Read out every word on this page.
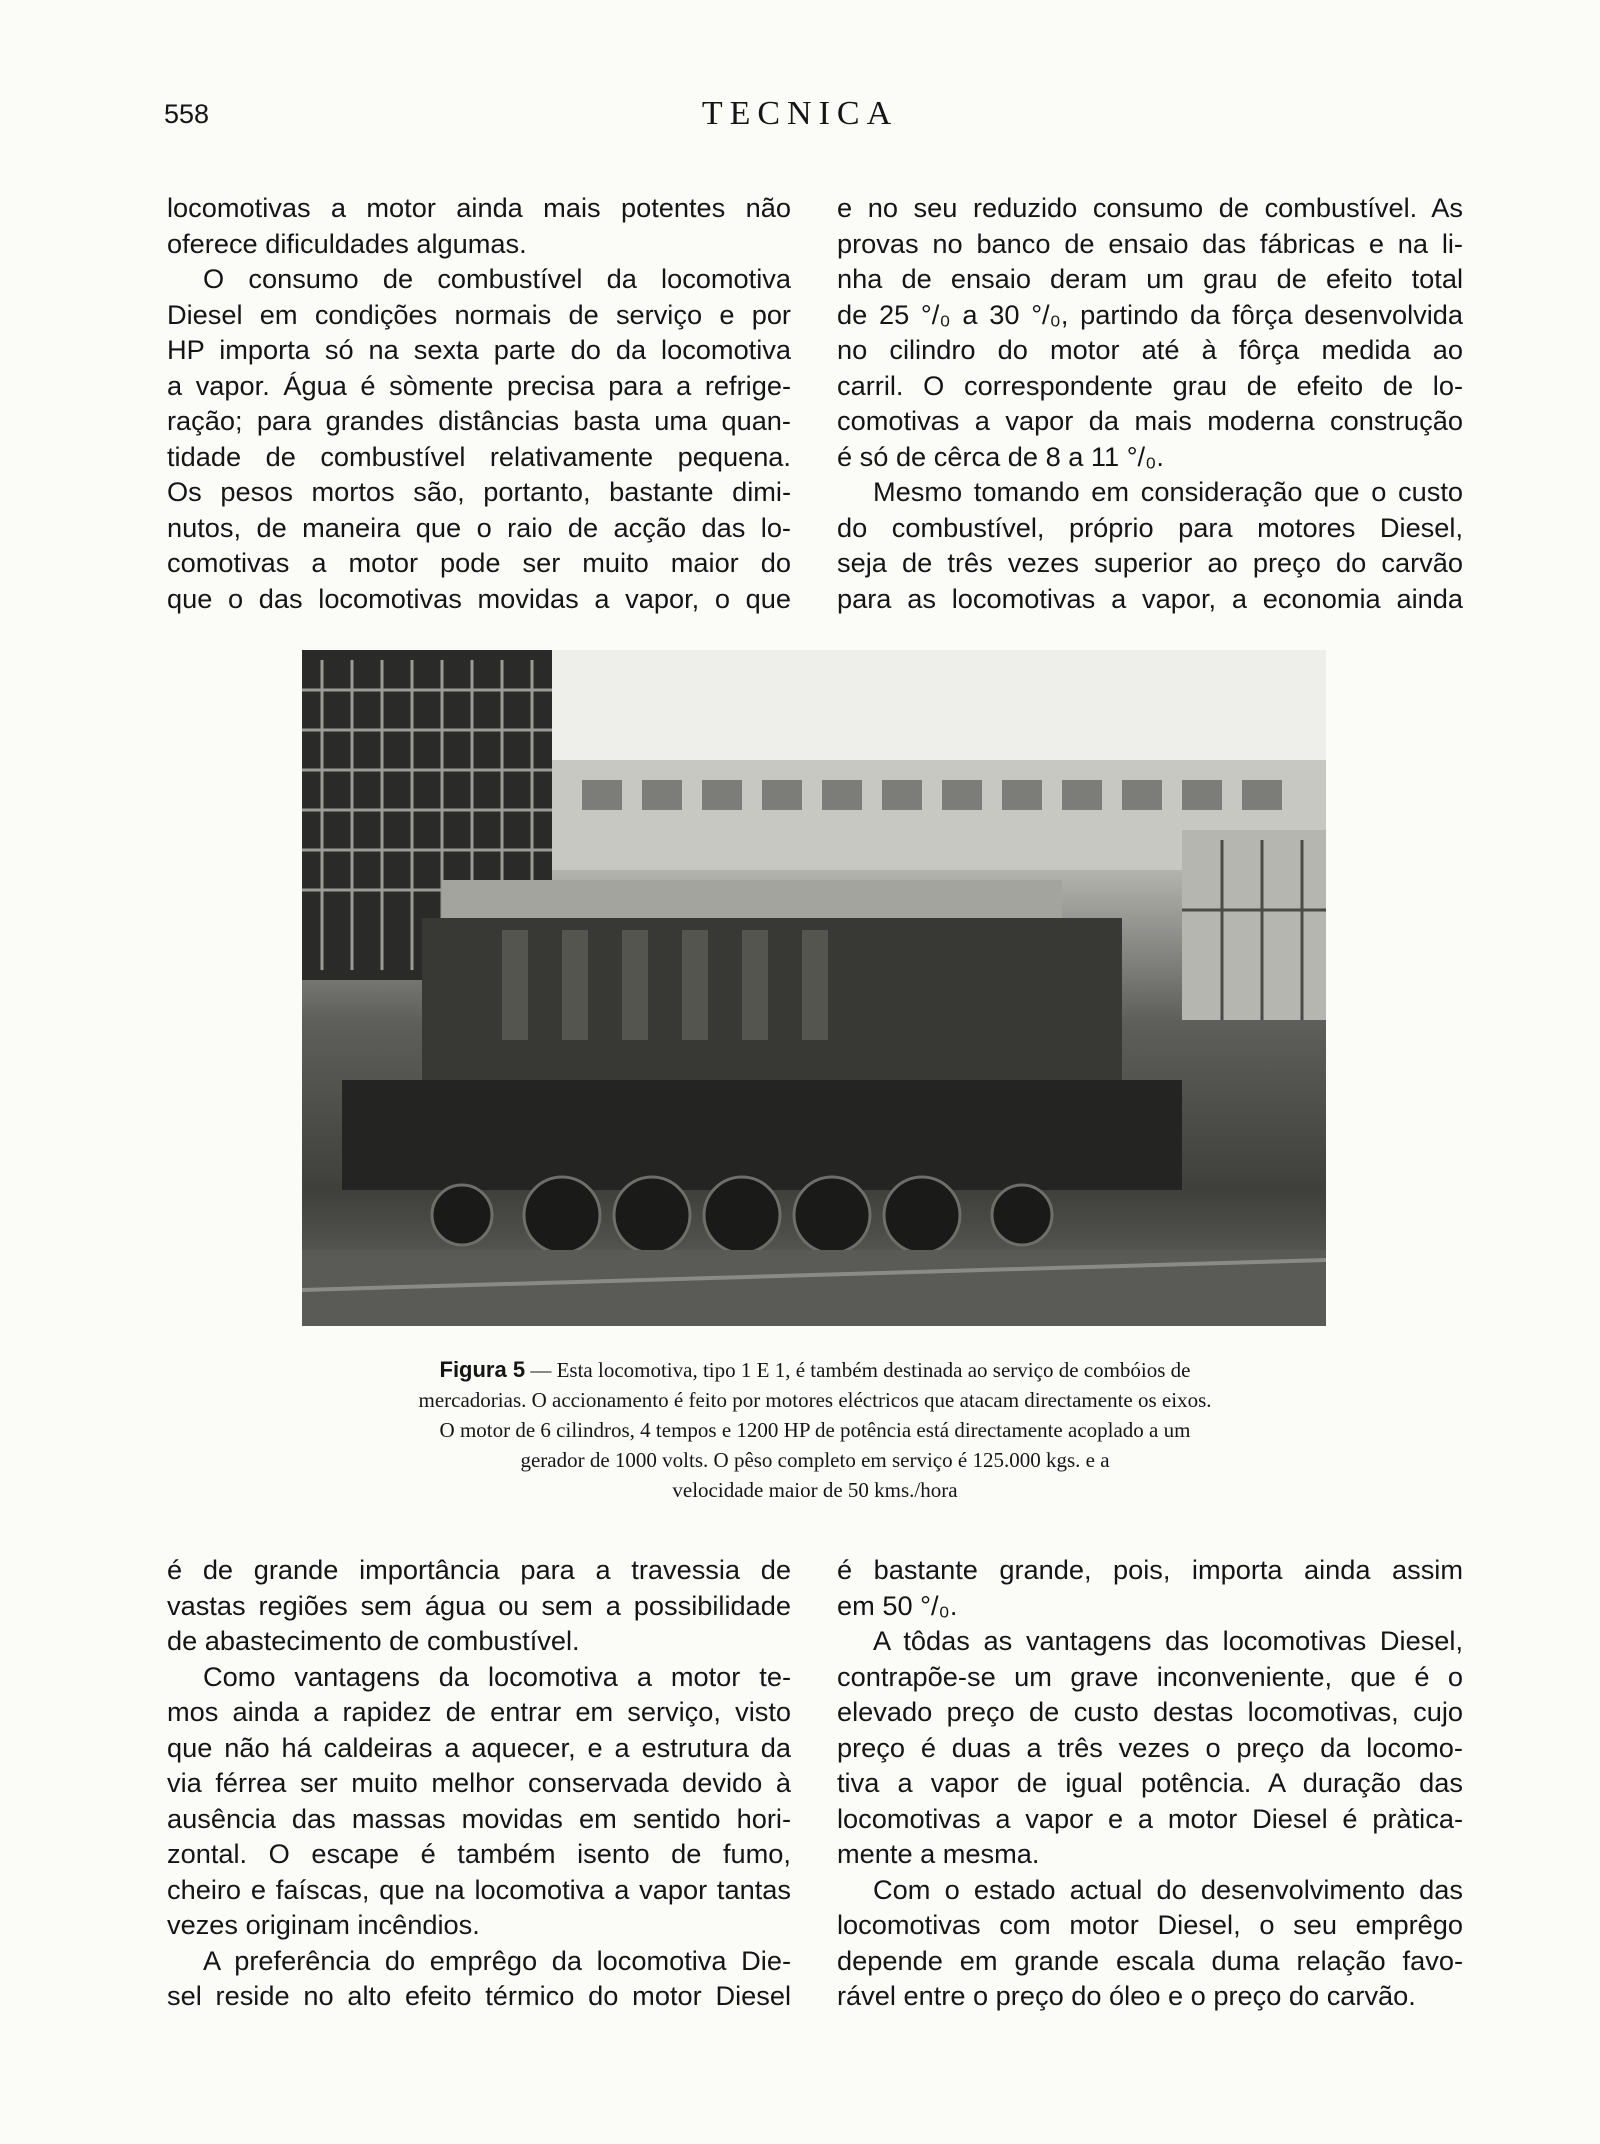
558	TECNICA

locomotivas a motor ainda mais potentes não

oferece dificuldades algumas.

O consumo de combustível da locomotiva

Diesel em condições normais de serviço e por

HP importa só na sexta parte do da locomotiva

a vapor. Água é sòmente precisa para a refrige-

ração; para grandes distâncias basta uma quan-

tidade de combustível relativamente pequena.

Os pesos mortos são, portanto, bastante dimi-

nutos, de maneira que o raio de acção das lo-

comotivas a motor pode ser muito maior do

que o das locomotivas movidas a vapor, o que

e no seu reduzido consumo de combustível. As

provas no banco de ensaio das fábricas e na li-

nha de ensaio deram um grau de efeito total

de 25 °/₀ a 30 °/₀, partindo da fôrça desenvolvida

no cilindro do motor até à fôrça medida ao

carril. O correspondente grau de efeito de lo-

comotivas a vapor da mais moderna construção

é só de cêrca de 8 a 11 °/₀.

Mesmo tomando em consideração que o custo

do combustível, próprio para motores Diesel,

seja de três vezes superior ao preço do carvão

para as locomotivas a vapor, a economia ainda

Figura 5 — Esta locomotiva, tipo 1 E 1, é também destinada ao serviço de combóios de

mercadorias. O accionamento é feito por motores eléctricos que atacam directamente os eixos.

O motor de 6 cilindros, 4 tempos e 1200 HP de potência está directamente acoplado a um

gerador de 1000 volts. O pêso completo em serviço é 125.000 kgs. e a

velocidade maior de 50 kms./hora

é de grande importância para a travessia de

vastas regiões sem água ou sem a possibilidade

de abastecimento de combustível.

Como vantagens da locomotiva a motor te-

mos ainda a rapidez de entrar em serviço, visto

que não há caldeiras a aquecer, e a estrutura da

via férrea ser muito melhor conservada devido à

ausência das massas movidas em sentido hori-

zontal. O escape é também isento de fumo,

cheiro e faíscas, que na locomotiva a vapor tantas

vezes originam incêndios.

A preferência do emprêgo da locomotiva Die-

sel reside no alto efeito térmico do motor Diesel

é bastante grande, pois, importa ainda assim

em 50 °/₀.

A tôdas as vantagens das locomotivas Diesel,

contrapõe-se um grave inconveniente, que é o

elevado preço de custo destas locomotivas, cujo

preço é duas a três vezes o preço da locomo-

tiva a vapor de igual potência. A duração das

locomotivas a vapor e a motor Diesel é pràtica-

mente a mesma.

Com o estado actual do desenvolvimento das

locomotivas com motor Diesel, o seu emprêgo

depende em grande escala duma relação favo-

rável entre o preço do óleo e o preço do carvão.
